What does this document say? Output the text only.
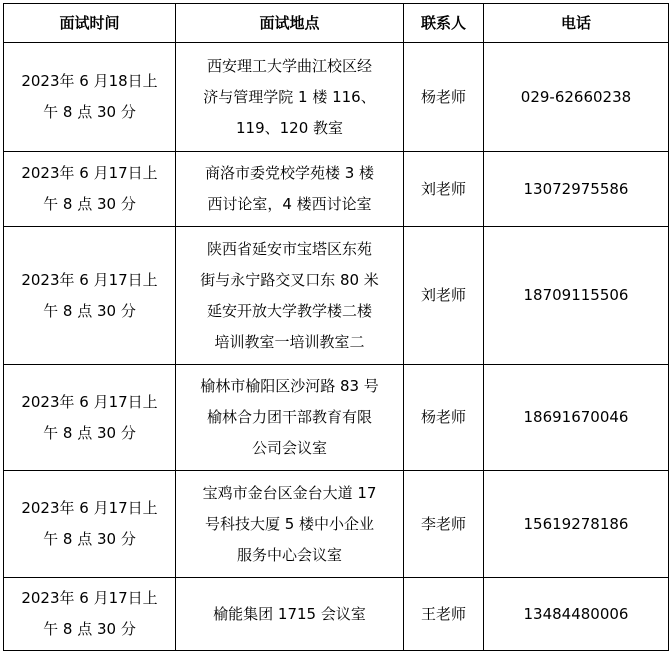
面试时间	面试地点	联系人	电话

2023年 6 月18日上
午 8 点 30 分	西安理工大学曲江校区经
济与管理学院 1 楼 116、
119、120 教室	杨老师	029-62660238

2023年 6 月17日上
午 8 点 30 分	商洛市委党校学苑楼 3 楼
西讨论室，4 楼西讨论室	刘老师	13072975586

2023年 6 月17日上
午 8 点 30 分	陕西省延安市宝塔区东苑
街与永宁路交叉口东 80 米
延安开放大学教学楼二楼
培训教室一培训教室二	刘老师	18709115506

2023年 6 月17日上
午 8 点 30 分	榆林市榆阳区沙河路 83 号
榆林合力团干部教育有限
公司会议室	杨老师	18691670046

2023年 6 月17日上
午 8 点 30 分	宝鸡市金台区金台大道 17
号科技大厦 5 楼中小企业
服务中心会议室	李老师	15619278186

2023年 6 月17日上
午 8 点 30 分	榆能集团 1715 会议室	王老师	13484480006
